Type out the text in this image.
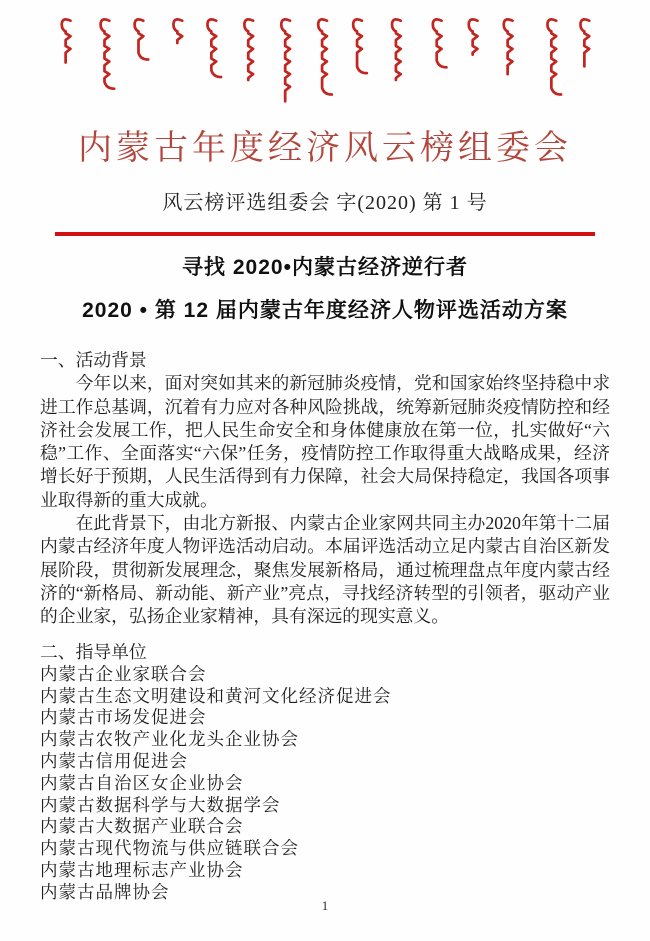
内蒙古年度经济风云榜组委会
风云榜评选组委会 字(2020) 第 1 号
寻找 2020•内蒙古经济逆行者
2020 • 第 12 届内蒙古年度经济人物评选活动方案
一、活动背景

今年以来，面对突如其来的新冠肺炎疫情，党和国家始终坚持稳中求进工作总基调，沉着有力应对各种风险挑战，统筹新冠肺炎疫情防控和经济社会发展工作，把人民生命安全和身体健康放在第一位，扎实做好“六稳”工作、全面落实“六保”任务，疫情防控工作取得重大战略成果，经济增长好于预期，人民生活得到有力保障，社会大局保持稳定，我国各项事业取得新的重大成就。

在此背景下，由北方新报、内蒙古企业家网共同主办2020年第十二届内蒙古经济年度人物评选活动启动。本届评选活动立足内蒙古自治区新发展阶段，贯彻新发展理念，聚焦发展新格局，通过梳理盘点年度内蒙古经济的“新格局、新动能、新产业”亮点，寻找经济转型的引领者，驱动产业的企业家，弘扬企业家精神，具有深远的现实意义。

二、指导单位
内蒙古企业家联合会
内蒙古生态文明建设和黄河文化经济促进会
内蒙古市场发促进会
内蒙古农牧产业化龙头企业协会
内蒙古信用促进会
内蒙古自治区女企业协会
内蒙古数据科学与大数据学会
内蒙古大数据产业联合会
内蒙古现代物流与供应链联合会
内蒙古地理标志产业协会
内蒙古品牌协会
1
